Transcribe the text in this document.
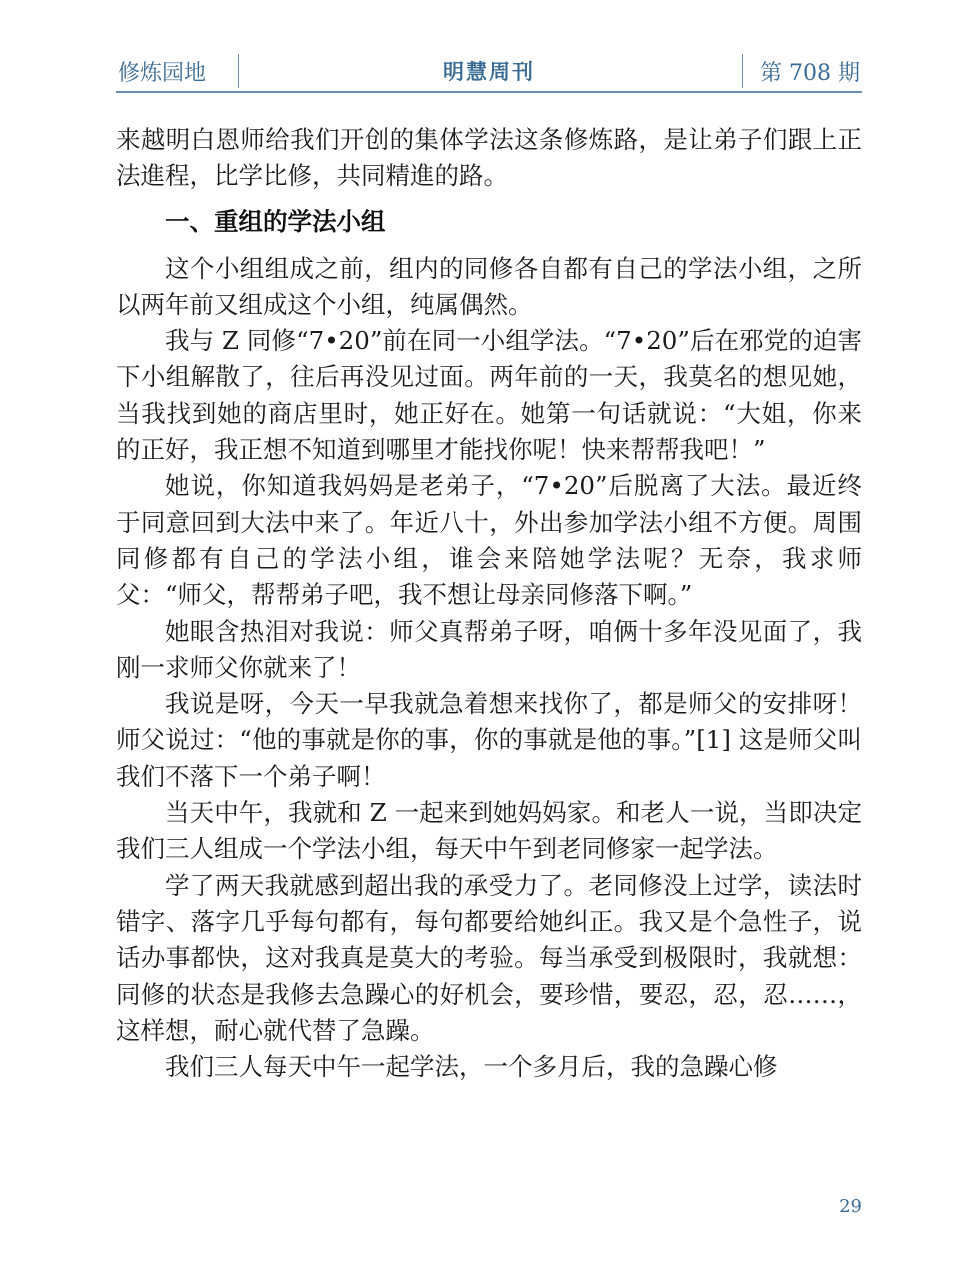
修炼园地	明慧周刊	第 708 期

来越明白恩师给我们开创的集体学法这条修炼路，是让弟子们跟上正法進程，比学比修，共同精進的路。

一、重组的学法小组

这个小组组成之前，组内的同修各自都有自己的学法小组，之所以两年前又组成这个小组，纯属偶然。

我与 Z 同修“7•20”前在同一小组学法。“7•20”后在邪党的迫害下小组解散了，往后再没见过面。两年前的一天，我莫名的想见她，当我找到她的商店里时，她正好在。她第一句话就说：“大姐，你来的正好，我正想不知道到哪里才能找你呢！快来帮帮我吧！”

她说，你知道我妈妈是老弟子，“7•20”后脱离了大法。最近终于同意回到大法中来了。年近八十，外出参加学法小组不方便。周围同修都有自己的学法小组，谁会来陪她学法呢？无奈，我求师父：“师父，帮帮弟子吧，我不想让母亲同修落下啊。”

她眼含热泪对我说：师父真帮弟子呀，咱俩十多年没见面了，我刚一求师父你就来了！

我说是呀，今天一早我就急着想来找你了，都是师父的安排呀！师父说过：“他的事就是你的事，你的事就是他的事。”[1] 这是师父叫我们不落下一个弟子啊！

当天中午，我就和 Z 一起来到她妈妈家。和老人一说，当即决定我们三人组成一个学法小组，每天中午到老同修家一起学法。

学了两天我就感到超出我的承受力了。老同修没上过学，读法时错字、落字几乎每句都有，每句都要给她纠正。我又是个急性子，说话办事都快，这对我真是莫大的考验。每当承受到极限时，我就想：同修的状态是我修去急躁心的好机会，要珍惜，要忍，忍，忍……，这样想，耐心就代替了急躁。

我们三人每天中午一起学法，一个多月后，我的急躁心修

29
